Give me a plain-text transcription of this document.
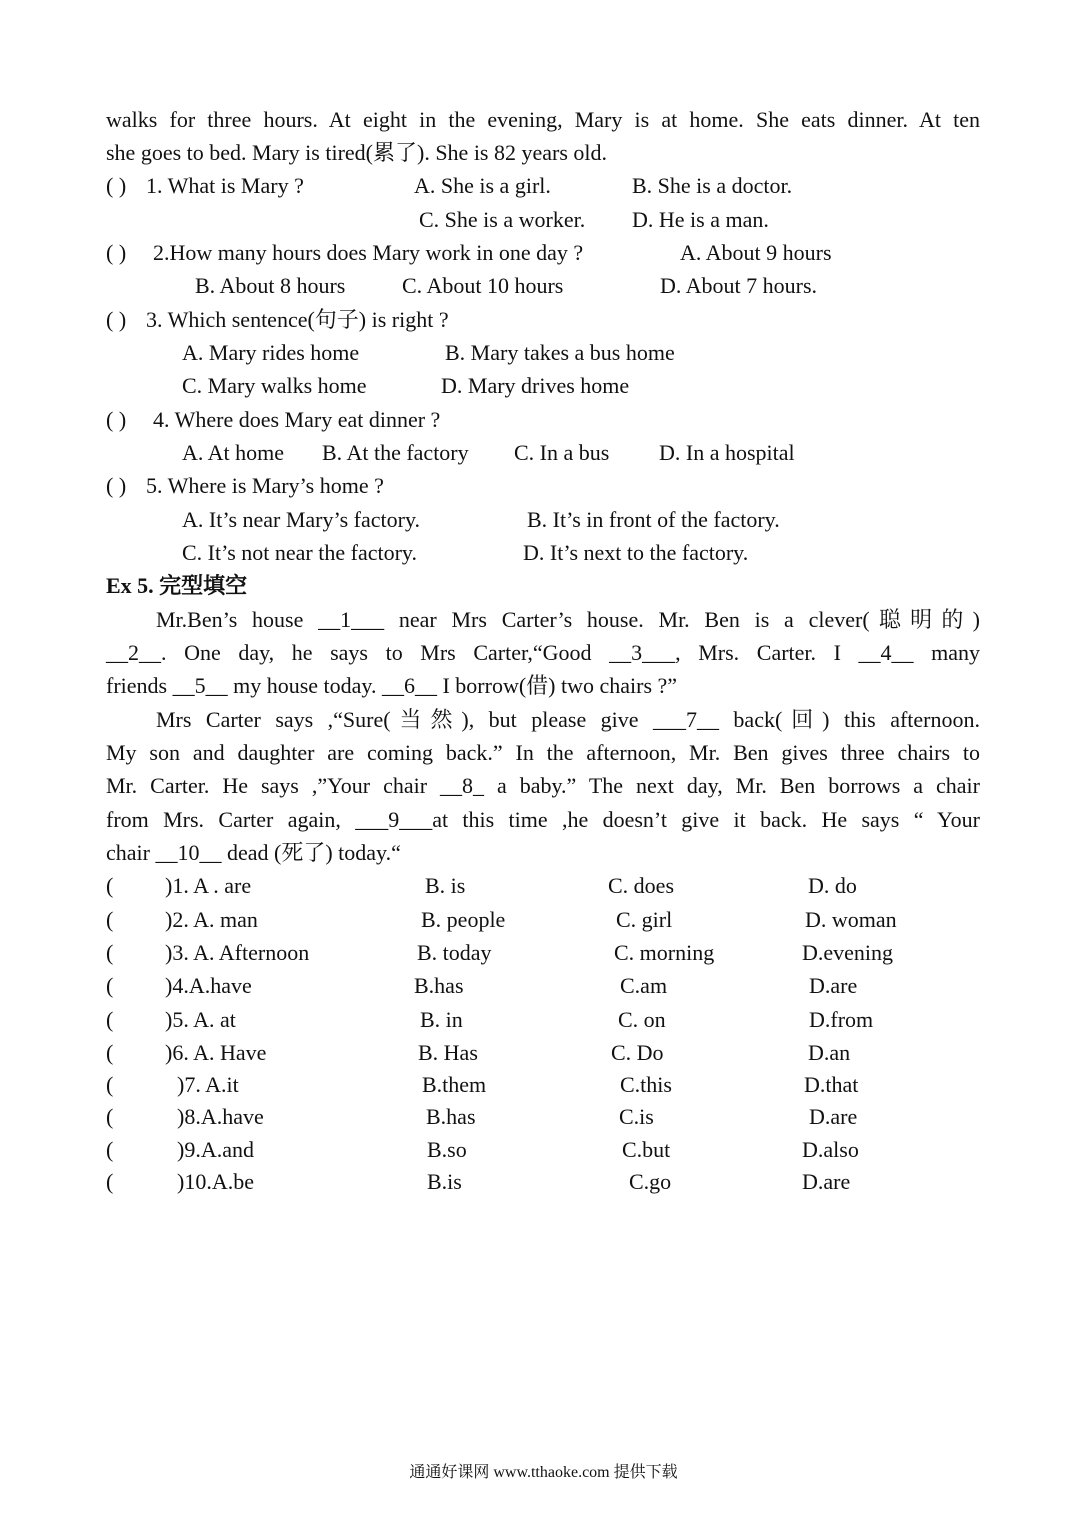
walks for three hours. At eight in the evening, Mary is at home. She eats dinner. At ten
she goes to bed. Mary is tired(累了). She is 82 years old.
( ) 1. What is Mary ?	A. She is a girl.	B. She is a doctor.
C. She is a worker. D. He is a man.
( ) 2.How many hours does Mary work in one day ?	A. About 9 hours
B. About 8 hours	C. About 10 hours	D. About 7 hours.
( ) 3. Which sentence(句子) is right ?
A. Mary rides home	B. Mary takes a bus home
C. Mary walks home	D. Mary drives home
( ) 4. Where does Mary eat dinner ?
A. At home B. At the factory C. In a bus D. In a hospital
( ) 5. Where is Mary’s home ?
A. It’s near Mary’s factory.	B. It’s in front of the factory.
C. It’s not near the factory.	D. It’s next to the factory.
Ex 5. 完型填空
Mr.Ben’s house __1___ near Mrs Carter’s house. Mr. Ben is a clever(聪明的)
__2__. One day, he says to Mrs Carter,“Good __3___, Mrs. Carter. I __4__ many
friends __5__ my house today. __6__ I borrow(借) two chairs ?”
Mrs Carter says ,“Sure(当然), but please give ___7__ back(回) this afternoon.
My son and daughter are coming back.” In the afternoon, Mr. Ben gives three chairs to
Mr. Carter. He says ,”Your chair __8_ a baby.” The next day, Mr. Ben borrows a chair
from Mrs. Carter again, ___9___at this time ,he doesn’t give it back. He says “ Your
chair __10__ dead (死了) today.“
( )1. A . are	B. is	C. does	D. do
( )2. A. man	B. people	C. girl	D. woman
( )3. A. Afternoon	B. today	C. morning	D.evening
( )4.A.have	B.has	C.am	D.are
( )5. A. at	B. in	C. on	D.from
( )6. A. Have	B. Has	C. Do	D.an
(	)7. A.it	B.them	C.this	D.that
(	)8.A.have	B.has	C.is	D.are
(	)9.A.and	B.so	C.but	D.also
(	)10.A.be	B.is	C.go	D.are
通通好课网 www.tthaoke.com 提供下载
